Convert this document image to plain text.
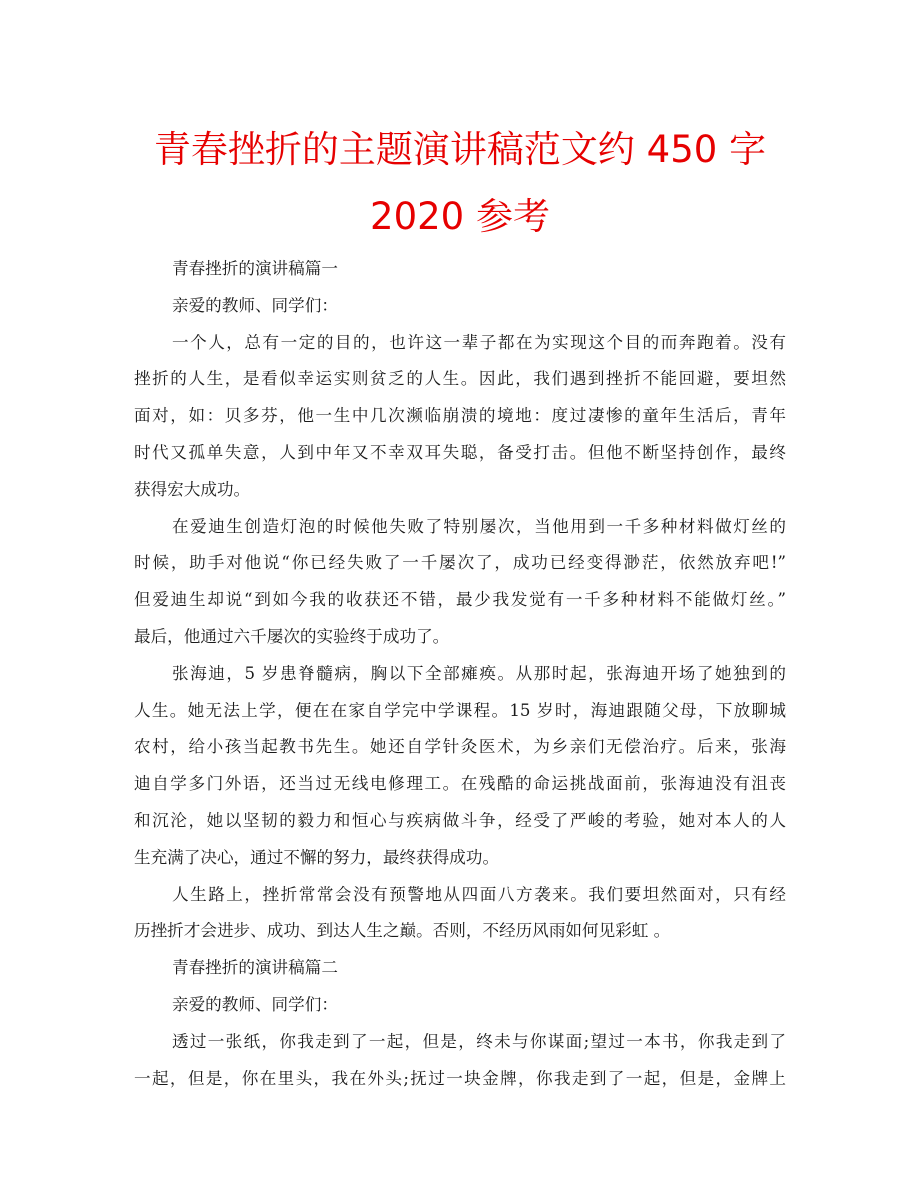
青春挫折的主题演讲稿范文约 450 字
2020 参考
青春挫折的演讲稿篇一
亲爱的教师、同学们：
一个人，总有一定的目的，也许这一辈子都在为实现这个目的而奔跑着。没有
挫折的人生，是看似幸运实则贫乏的人生。因此，我们遇到挫折不能回避，要坦然
面对，如：贝多芬，他一生中几次濒临崩溃的境地：度过凄惨的童年生活后，青年
时代又孤单失意，人到中年又不幸双耳失聪，备受打击。但他不断坚持创作，最终
获得宏大成功。
在爱迪生创造灯泡的时候他失败了特别屡次，当他用到一千多种材料做灯丝的
时候，助手对他说“你已经失败了一千屡次了，成功已经变得渺茫，依然放弃吧!”
但爱迪生却说“到如今我的收获还不错，最少我发觉有一千多种材料不能做灯丝。”
最后，他通过六千屡次的实验终于成功了。
张海迪，5 岁患脊髓病，胸以下全部瘫痪。从那时起，张海迪开场了她独到的
人生。她无法上学，便在在家自学完中学课程。15 岁时，海迪跟随父母，下放聊城
农村，给小孩当起教书先生。她还自学针灸医术，为乡亲们无偿治疗。后来，张海
迪自学多门外语，还当过无线电修理工。在残酷的命运挑战面前，张海迪没有沮丧
和沉沦，她以坚韧的毅力和恒心与疾病做斗争，经受了严峻的考验，她对本人的人
生充满了决心，通过不懈的努力，最终获得成功。
人生路上，挫折常常会没有预警地从四面八方袭来。我们要坦然面对，只有经
历挫折才会进步、成功、到达人生之巅。否则，不经历风雨如何见彩虹 。
青春挫折的演讲稿篇二
亲爱的教师、同学们：
透过一张纸，你我走到了一起，但是，终未与你谋面;望过一本书，你我走到了
一起，但是，你在里头，我在外头;抚过一块金牌，你我走到了一起，但是，金牌上
